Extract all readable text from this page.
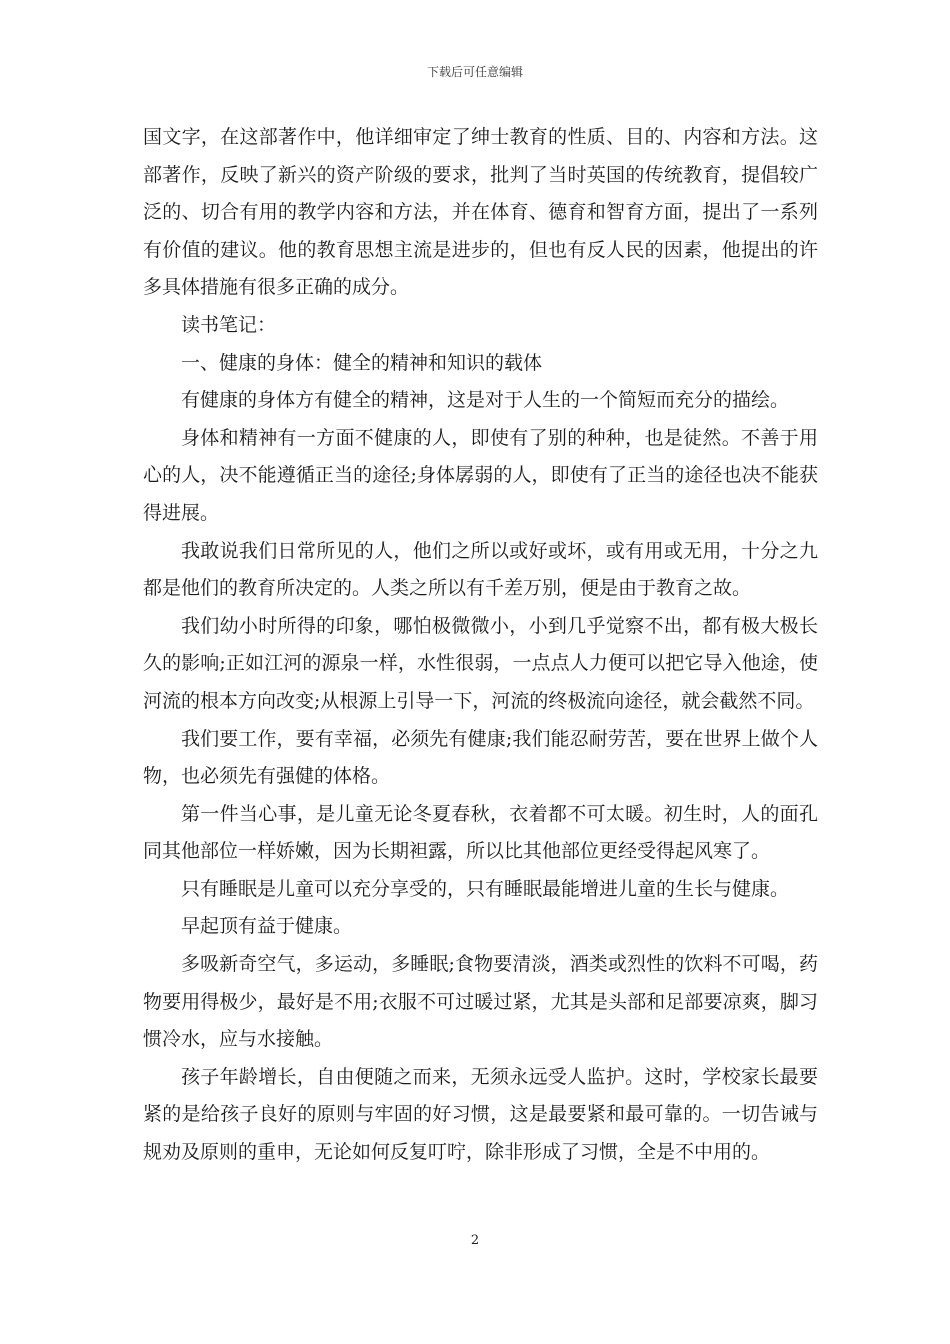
下载后可任意编辑

国文字，在这部著作中，他详细审定了绅士教育的性质、目的、内容和方法。这部著作，反映了新兴的资产阶级的要求，批判了当时英国的传统教育，提倡较广泛的、切合有用的教学内容和方法，并在体育、德育和智育方面，提出了一系列有价值的建议。他的教育思想主流是进步的，但也有反人民的因素，他提出的许多具体措施有很多正确的成分。

读书笔记：

一、健康的身体：健全的精神和知识的载体

有健康的身体方有健全的精神，这是对于人生的一个简短而充分的描绘。

身体和精神有一方面不健康的人，即使有了别的种种，也是徒然。不善于用心的人，决不能遵循正当的途径;身体孱弱的人，即使有了正当的途径也决不能获得进展。

我敢说我们日常所见的人，他们之所以或好或坏，或有用或无用，十分之九都是他们的教育所决定的。人类之所以有千差万别，便是由于教育之故。

我们幼小时所得的印象，哪怕极微微小，小到几乎觉察不出，都有极大极长久的影响;正如江河的源泉一样，水性很弱，一点点人力便可以把它导入他途，使河流的根本方向改变;从根源上引导一下，河流的终极流向途径，就会截然不同。

我们要工作，要有幸福，必须先有健康;我们能忍耐劳苦，要在世界上做个人物，也必须先有强健的体格。

第一件当心事，是儿童无论冬夏春秋，衣着都不可太暖。初生时，人的面孔同其他部位一样娇嫩，因为长期袒露，所以比其他部位更经受得起风寒了。

只有睡眠是儿童可以充分享受的，只有睡眠最能增进儿童的生长与健康。

早起顶有益于健康。

多吸新奇空气，多运动，多睡眠;食物要清淡，酒类或烈性的饮料不可喝，药物要用得极少，最好是不用;衣服不可过暖过紧，尤其是头部和足部要凉爽，脚习惯冷水，应与水接触。

孩子年龄增长，自由便随之而来，无须永远受人监护。这时，学校家长最要紧的是给孩子良好的原则与牢固的好习惯，这是最要紧和最可靠的。一切告诫与规劝及原则的重申，无论如何反复叮咛，除非形成了习惯，全是不中用的。

2
